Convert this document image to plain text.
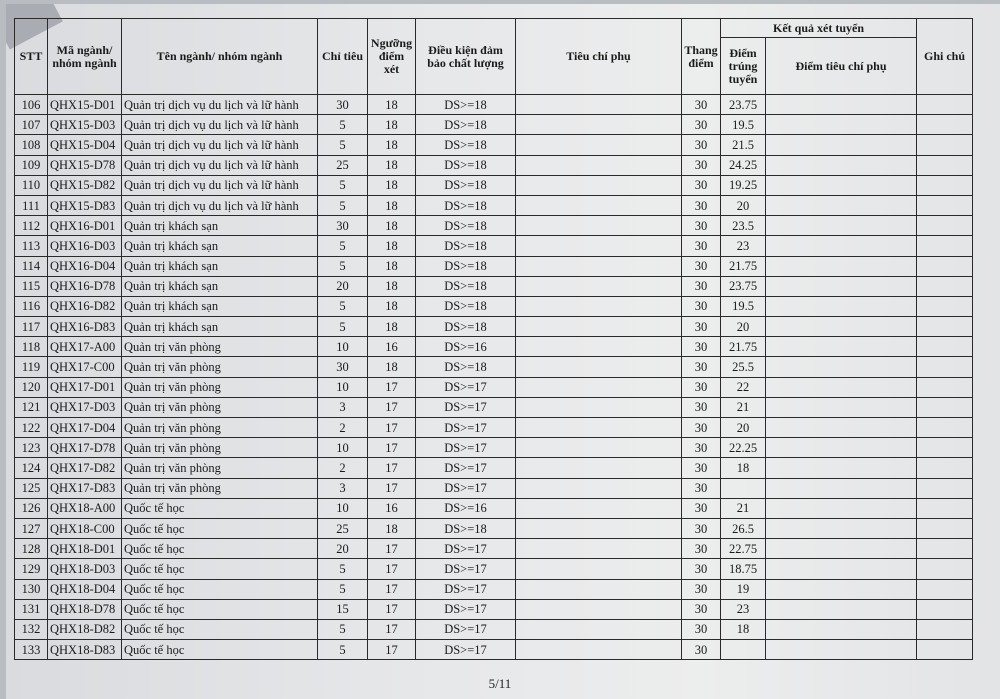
STT	Mã ngành/ nhóm ngành	Tên ngành/ nhóm ngành	Chỉ tiêu	Ngưỡng điểm xét	Điều kiện đảm bảo chất lượng	Tiêu chí phụ	Thang điểm	Kết quả xét tuyển		Ghi chú
								Điểm trúng tuyển	Điểm tiêu chí phụ	
106	QHX15-D01	Quản trị dịch vụ du lịch và lữ hành	30	18	DS>=18		30	23.75		
107	QHX15-D03	Quản trị dịch vụ du lịch và lữ hành	5	18	DS>=18		30	19.5		
108	QHX15-D04	Quản trị dịch vụ du lịch và lữ hành	5	18	DS>=18		30	21.5		
109	QHX15-D78	Quản trị dịch vụ du lịch và lữ hành	25	18	DS>=18		30	24.25		
110	QHX15-D82	Quản trị dịch vụ du lịch và lữ hành	5	18	DS>=18		30	19.25		
111	QHX15-D83	Quản trị dịch vụ du lịch và lữ hành	5	18	DS>=18		30	20		
112	QHX16-D01	Quản trị khách sạn	30	18	DS>=18		30	23.5		
113	QHX16-D03	Quản trị khách sạn	5	18	DS>=18		30	23		
114	QHX16-D04	Quản trị khách sạn	5	18	DS>=18		30	21.75		
115	QHX16-D78	Quản trị khách sạn	20	18	DS>=18		30	23.75		
116	QHX16-D82	Quản trị khách sạn	5	18	DS>=18		30	19.5		
117	QHX16-D83	Quản trị khách sạn	5	18	DS>=18		30	20		
118	QHX17-A00	Quản trị văn phòng	10	16	DS>=16		30	21.75		
119	QHX17-C00	Quản trị văn phòng	30	18	DS>=18		30	25.5		
120	QHX17-D01	Quản trị văn phòng	10	17	DS>=17		30	22		
121	QHX17-D03	Quản trị văn phòng	3	17	DS>=17		30	21		
122	QHX17-D04	Quản trị văn phòng	2	17	DS>=17		30	20		
123	QHX17-D78	Quản trị văn phòng	10	17	DS>=17		30	22.25		
124	QHX17-D82	Quản trị văn phòng	2	17	DS>=17		30	18		
125	QHX17-D83	Quản trị văn phòng	3	17	DS>=17		30			
126	QHX18-A00	Quốc tế học	10	16	DS>=16		30	21		
127	QHX18-C00	Quốc tế học	25	18	DS>=18		30	26.5		
128	QHX18-D01	Quốc tế học	20	17	DS>=17		30	22.75		
129	QHX18-D03	Quốc tế học	5	17	DS>=17		30	18.75		
130	QHX18-D04	Quốc tế học	5	17	DS>=17		30	19		
131	QHX18-D78	Quốc tế học	15	17	DS>=17		30	23		
132	QHX18-D82	Quốc tế học	5	17	DS>=17		30	18		
133	QHX18-D83	Quốc tế học	5	17	DS>=17		30			
5/11
